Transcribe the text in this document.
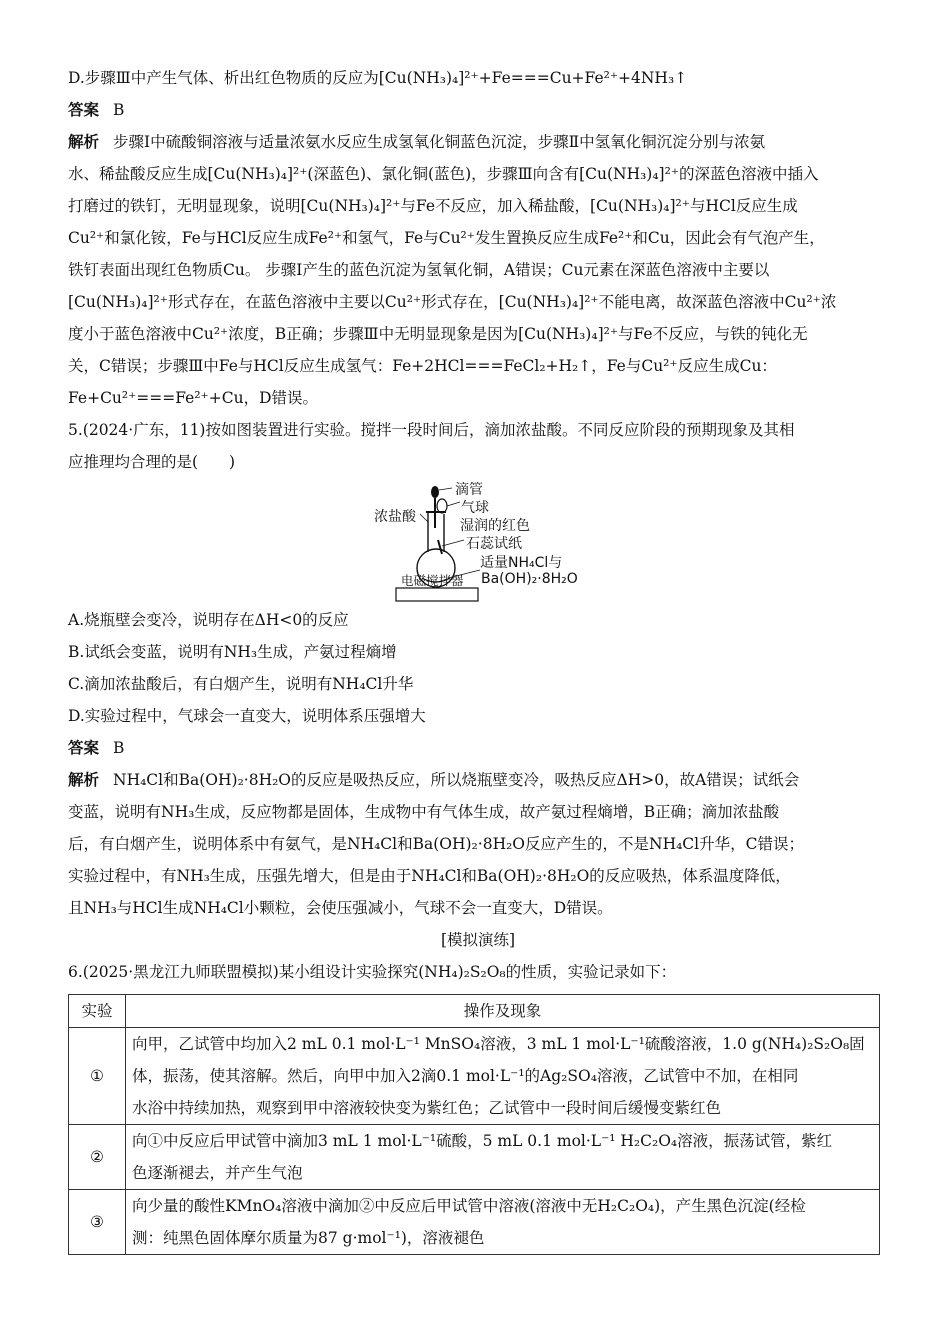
D.步骤Ⅲ中产生气体、析出红色物质的反应为[Cu(NH₃)₄]²⁺+Fe===Cu+Fe²⁺+4NH₃↑

答案 B

解析 步骤Ⅰ中硫酸铜溶液与适量浓氨水反应生成氢氧化铜蓝色沉淀，步骤Ⅱ中氢氧化铜沉淀分别与浓氨

水、稀盐酸反应生成[Cu(NH₃)₄]²⁺(深蓝色)、氯化铜(蓝色)，步骤Ⅲ向含有[Cu(NH₃)₄]²⁺的深蓝色溶液中插入

打磨过的铁钉，无明显现象，说明[Cu(NH₃)₄]²⁺与Fe不反应，加入稀盐酸，[Cu(NH₃)₄]²⁺与HCl反应生成

Cu²⁺和氯化铵，Fe与HCl反应生成Fe²⁺和氢气，Fe与Cu²⁺发生置换反应生成Fe²⁺和Cu，因此会有气泡产生，

铁钉表面出现红色物质Cu。 步骤Ⅰ产生的蓝色沉淀为氢氧化铜，A错误；Cu元素在深蓝色溶液中主要以

[Cu(NH₃)₄]²⁺形式存在，在蓝色溶液中主要以Cu²⁺形式存在，[Cu(NH₃)₄]²⁺不能电离，故深蓝色溶液中Cu²⁺浓

度小于蓝色溶液中Cu²⁺浓度，B正确；步骤Ⅲ中无明显现象是因为[Cu(NH₃)₄]²⁺与Fe不反应，与铁的钝化无

关，C错误；步骤Ⅲ中Fe与HCl反应生成氢气：Fe+2HCl===FeCl₂+H₂↑，Fe与Cu²⁺反应生成Cu：

Fe+Cu²⁺===Fe²⁺+Cu，D错误。

5.(2024·广东，11)按如图装置进行实验。搅拌一段时间后，滴加浓盐酸。不同反应阶段的预期现象及其相

应推理均合理的是(　　)

滴管
气球
湿润的红色
浓盐酸
石蕊试纸
适量NH₄Cl与
Ba(OH)₂·8H₂O
电磁搅拌器

A.烧瓶壁会变冷，说明存在ΔH<0的反应

B.试纸会变蓝，说明有NH₃生成，产氨过程熵增

C.滴加浓盐酸后，有白烟产生，说明有NH₄Cl升华

D.实验过程中，气球会一直变大，说明体系压强增大

答案 B

解析 NH₄Cl和Ba(OH)₂·8H₂O的反应是吸热反应，所以烧瓶壁变冷，吸热反应ΔH>0，故A错误；试纸会

变蓝，说明有NH₃生成，反应物都是固体，生成物中有气体生成，故产氨过程熵增，B正确；滴加浓盐酸

后，有白烟产生，说明体系中有氨气，是NH₄Cl和Ba(OH)₂·8H₂O反应产生的，不是NH₄Cl升华，C错误；

实验过程中，有NH₃生成，压强先增大，但是由于NH₄Cl和Ba(OH)₂·8H₂O的反应吸热，体系温度降低，

且NH₃与HCl生成NH₄Cl小颗粒，会使压强减小，气球不会一直变大，D错误。

[模拟演练]

6.(2025·黑龙江九师联盟模拟)某小组设计实验探究(NH₄)₂S₂O₈的性质，实验记录如下：

实验	操作及现象
①	向甲，乙试管中均加入2 mL 0.1 mol·L⁻¹ MnSO₄溶液，3 mL 1 mol·L⁻¹硫酸溶液，1.0 g(NH₄)₂S₂O₈固
体，振荡，使其溶解。然后，向甲中加入2滴0.1 mol·L⁻¹的Ag₂SO₄溶液，乙试管中不加，在相同
水浴中持续加热，观察到甲中溶液较快变为紫红色；乙试管中一段时间后缓慢变紫红色

②	向①中反应后甲试管中滴加3 mL 1 mol·L⁻¹硫酸，5 mL 0.1 mol·L⁻¹ H₂C₂O₄溶液，振荡试管，紫红
色逐渐褪去，并产生气泡

③	向少量的酸性KMnO₄溶液中滴加②中反应后甲试管中溶液(溶液中无H₂C₂O₄)，产生黑色沉淀(经检
测：纯黑色固体摩尔质量为87 g·mol⁻¹)，溶液褪色
